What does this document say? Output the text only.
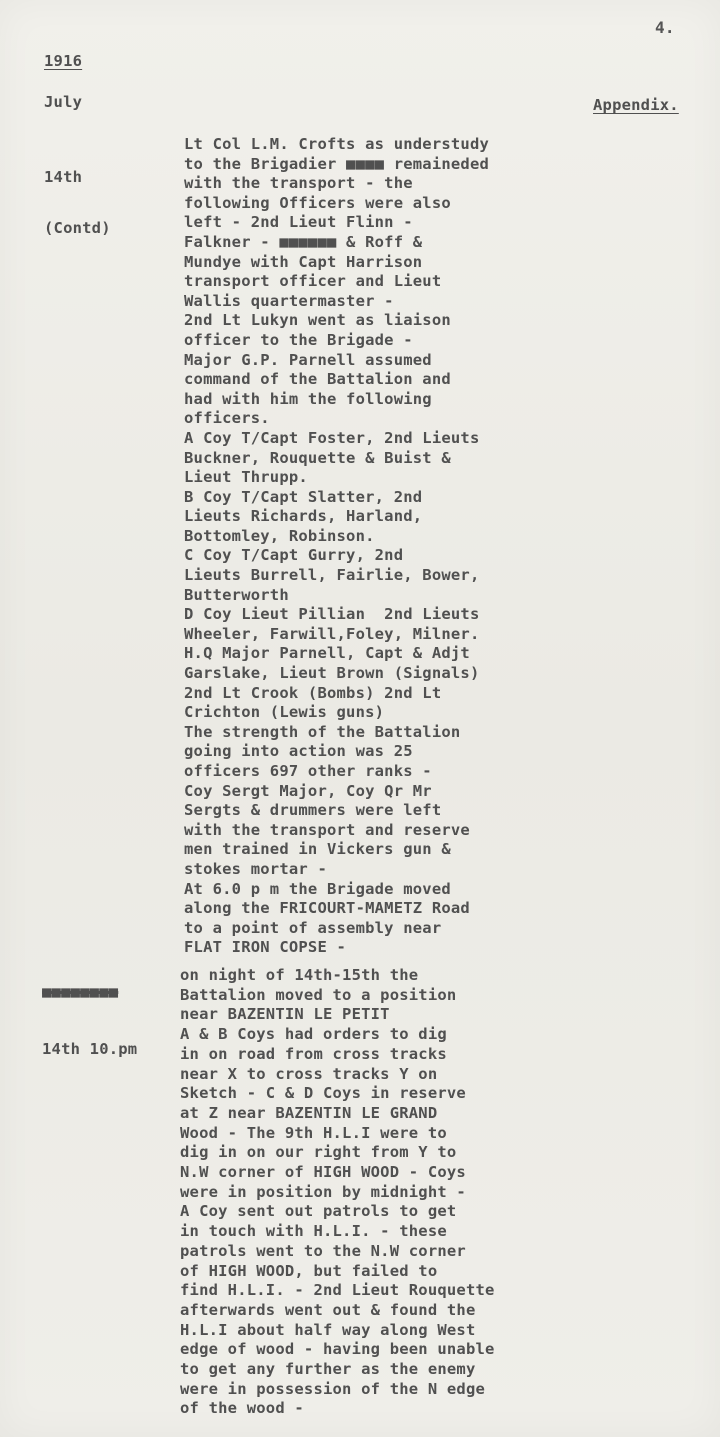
4.
1916
July	Appendix.

14th

(Contd)

Lt Col L.M. Crofts as understudy
to the Brigadier ■■■■ remaineded
with the transport - the
following Officers were also
left - 2nd Lieut Flinn -
Falkner - ■■■■■■ & Roff &
Mundye with Capt Harrison
transport officer and Lieut
Wallis quartermaster -
2nd Lt Lukyn went as liaison
officer to the Brigade -
Major G.P. Parnell assumed
command of the Battalion and
had with him the following
officers.
A Coy T/Capt Foster, 2nd Lieuts
Buckner, Rouquette & Buist &
Lieut Thrupp.
B Coy T/Capt Slatter, 2nd
Lieuts Richards, Harland,
Bottomley, Robinson.
C Coy T/Capt Gurry, 2nd
Lieuts Burrell, Fairlie, Bower,
Butterworth
D Coy Lieut Pillian  2nd Lieuts
Wheeler, Farwill,Foley, Milner.
H.Q Major Parnell, Capt & Adjt
Garslake, Lieut Brown (Signals)
2nd Lt Crook (Bombs) 2nd Lt
Crichton (Lewis guns)
The strength of the Battalion
going into action was 25
officers 697 other ranks -
Coy Sergt Major, Coy Qr Mr
Sergts & drummers were left
with the transport and reserve
men trained in Vickers gun &
stokes mortar -
At 6.0 p m the Brigade moved
along the FRICOURT-MAMETZ Road
to a point of assembly near
FLAT IRON COPSE -

■■■■■■■■

14th 10.pm

on night of 14th-15th the
Battalion moved to a position
near BAZENTIN LE PETIT
A & B Coys had orders to dig
in on road from cross tracks
near X to cross tracks Y on
Sketch - C & D Coys in reserve
at Z near BAZENTIN LE GRAND
Wood - The 9th H.L.I were to
dig in on our right from Y to
N.W corner of HIGH WOOD - Coys
were in position by midnight -
A Coy sent out patrols to get
in touch with H.L.I. - these
patrols went to the N.W corner
of HIGH WOOD, but failed to
find H.L.I. - 2nd Lieut Rouquette
afterwards went out & found the
H.L.I about half way along West
edge of wood - having been unable
to get any further as the enemy
were in possession of the N edge
of the wood -
